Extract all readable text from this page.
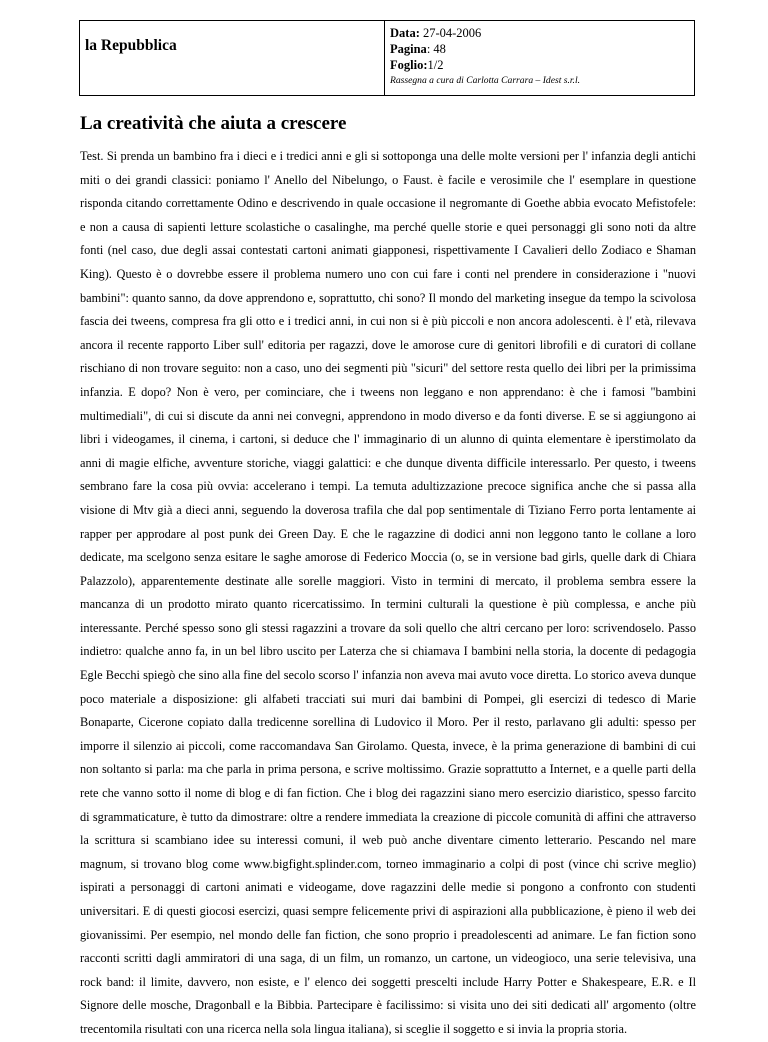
la Repubblica

Data: 27-04-2006
Pagina: 48
Foglio:1/2
Rassegna a cura di Carlotta Carrara – Idest s.r.l.
La creatività che aiuta a crescere

Test. Si prenda un bambino fra i dieci e i tredici anni e gli si sottoponga una delle molte versioni per l' infanzia degli antichi miti o dei grandi classici: poniamo l' Anello del Nibelungo, o Faust. è facile e verosimile che l' esemplare in questione risponda citando correttamente Odino e descrivendo in quale occasione il negromante di Goethe abbia evocato Mefistofele: e non a causa di sapienti letture scolastiche o casalinghe, ma perché quelle storie e quei personaggi gli sono noti da altre fonti (nel caso, due degli assai contestati cartoni animati giapponesi, rispettivamente I Cavalieri dello Zodiaco e Shaman King). Questo è o dovrebbe essere il problema numero uno con cui fare i conti nel prendere in considerazione i "nuovi bambini": quanto sanno, da dove apprendono e, soprattutto, chi sono? Il mondo del marketing insegue da tempo la scivolosa fascia dei tweens, compresa fra gli otto e i tredici anni, in cui non si è più piccoli e non ancora adolescenti. è l' età, rilevava ancora il recente rapporto Liber sull' editoria per ragazzi, dove le amorose cure di genitori librofili e di curatori di collane rischiano di non trovare seguito: non a caso, uno dei segmenti più "sicuri" del settore resta quello dei libri per la primissima infanzia. E dopo? Non è vero, per cominciare, che i tweens non leggano e non apprendano: è che i famosi "bambini multimediali", di cui si discute da anni nei convegni, apprendono in modo diverso e da fonti diverse. E se si aggiungono ai libri i videogames, il cinema, i cartoni, si deduce che l' immaginario di un alunno di quinta elementare è iperstimolato da anni di magie elfiche, avventure storiche, viaggi galattici: e che dunque diventa difficile interessarlo. Per questo, i tweens sembrano fare la cosa più ovvia: accelerano i tempi. La temuta adultizzazione precoce significa anche che si passa alla visione di Mtv già a dieci anni, seguendo la doverosa trafila che dal pop sentimentale di Tiziano Ferro porta lentamente ai rapper per approdare al post punk dei Green Day. E che le ragazzine di dodici anni non leggono tanto le collane a loro dedicate, ma scelgono senza esitare le saghe amorose di Federico Moccia (o, se in versione bad girls, quelle dark di Chiara Palazzolo), apparentemente destinate alle sorelle maggiori. Visto in termini di mercato, il problema sembra essere la mancanza di un prodotto mirato quanto ricercatissimo. In termini culturali la questione è più complessa, e anche più interessante. Perché spesso sono gli stessi ragazzini a trovare da soli quello che altri cercano per loro: scrivendoselo. Passo indietro: qualche anno fa, in un bel libro uscito per Laterza che si chiamava I bambini nella storia, la docente di pedagogia Egle Becchi spiegò che sino alla fine del secolo scorso l' infanzia non aveva mai avuto voce diretta. Lo storico aveva dunque poco materiale a disposizione: gli alfabeti tracciati sui muri dai bambini di Pompei, gli esercizi di tedesco di Marie Bonaparte, Cicerone copiato dalla tredicenne sorellina di Ludovico il Moro. Per il resto, parlavano gli adulti: spesso per imporre il silenzio ai piccoli, come raccomandava San Girolamo. Questa, invece, è la prima generazione di bambini di cui non soltanto si parla: ma che parla in prima persona, e scrive moltissimo. Grazie soprattutto a Internet, e a quelle parti della rete che vanno sotto il nome di blog e di fan fiction. Che i blog dei ragazzini siano mero esercizio diaristico, spesso farcito di sgrammaticature, è tutto da dimostrare: oltre a rendere immediata la creazione di piccole comunità di affini che attraverso la scrittura si scambiano idee su interessi comuni, il web può anche diventare cimento letterario. Pescando nel mare magnum, si trovano blog come www.bigfight.splinder.com, torneo immaginario a colpi di post (vince chi scrive meglio) ispirati a personaggi di cartoni animati e videogame, dove ragazzini delle medie si pongono a confronto con studenti universitari. E di questi giocosi esercizi, quasi sempre felicemente privi di aspirazioni alla pubblicazione, è pieno il web dei giovanissimi. Per esempio, nel mondo delle fan fiction, che sono proprio i preadolescenti ad animare. Le fan fiction sono racconti scritti dagli ammiratori di una saga, di un film, un romanzo, un cartone, un videogioco, una serie televisiva, una rock band: il limite, davvero, non esiste, e l' elenco dei soggetti prescelti include Harry Potter e Shakespeare, E.R. e Il Signore delle mosche, Dragonball e la Bibbia. Partecipare è facilissimo: si visita uno dei siti dedicati all' argomento (oltre trecentomila risultati con una ricerca nella sola lingua italiana), si sceglie il soggetto e si invia la propria storia.
